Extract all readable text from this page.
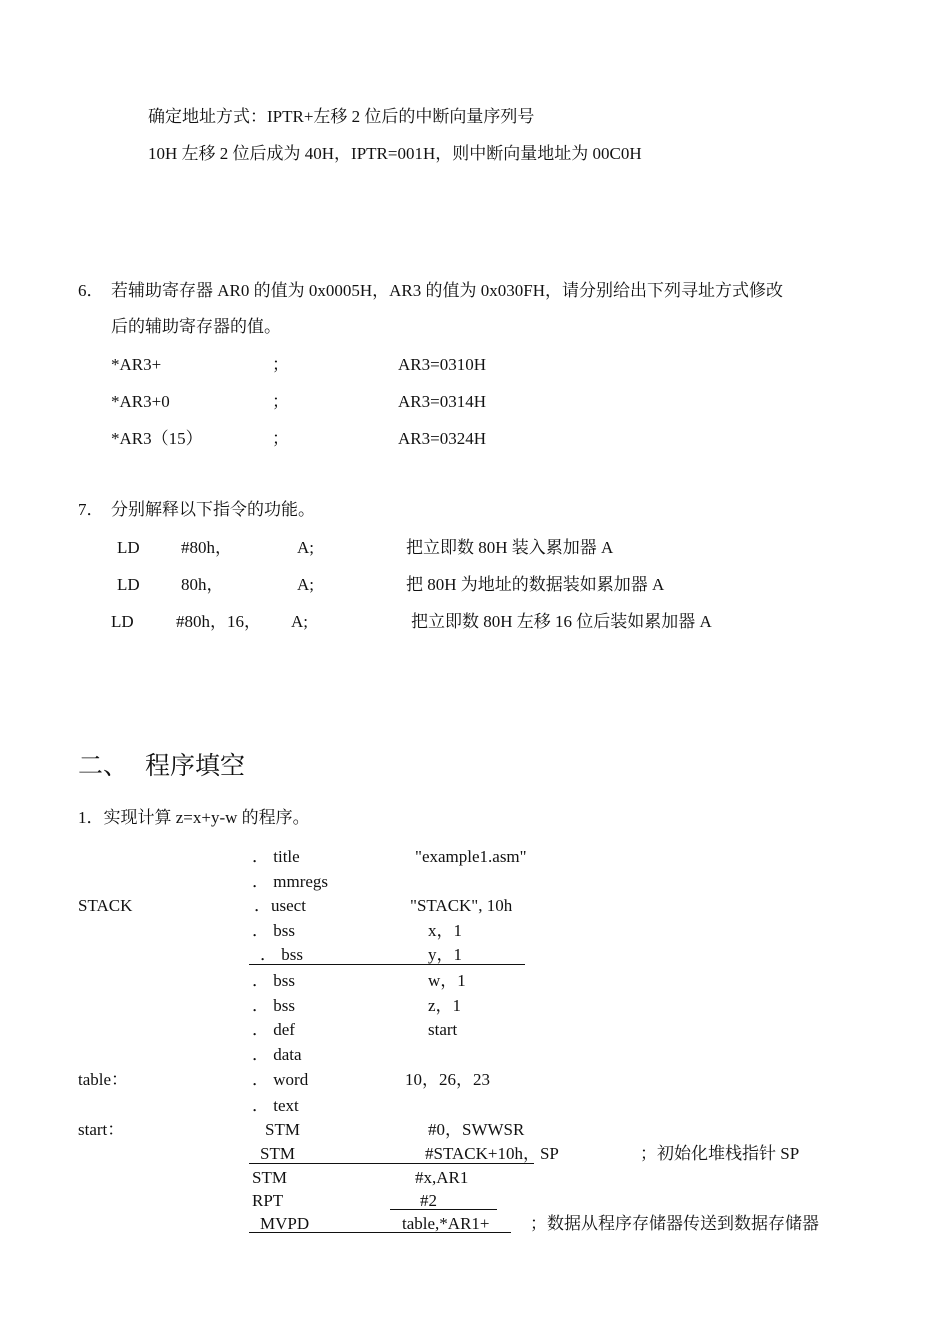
确定地址方式：IPTR+左移 2 位后的中断向量序列号
10H 左移 2 位后成为 40H，IPTR=001H，则中断向量地址为 00C0H
6． 若辅助寄存器 AR0 的值为 0x0005H，AR3 的值为 0x030FH，请分别给出下列寻址方式修改
后的辅助寄存器的值。
*AR3+	；	AR3=0310H
*AR3+0	；	AR3=0314H
*AR3（15）	；	AR3=0324H
7． 分别解释以下指令的功能。
LD #80h，	A;	把立即数 80H 装入累加器 A
LD 80h，	A;	把 80H 为地址的数据装如累加器 A
LD #80h，16， A;	把立即数 80H 左移 16 位后装如累加器 A
二、 程序填空
1．实现计算 z=x+y-w 的程序。
． title	"example1.asm"
． mmregs
STACK	．usect	"STACK", 10h
． bss	x，1
． bss	y，1
． bss	w，1
． bss	z，1
． def	start
． data
table：	． word	10，26，23
． text
start：	STM	#0，SWWSR
STM	#STACK+10h，SP	；初始化堆栈指针 SP
STM	#x,AR1
RPT	#2
MVPD	table,*AR1+ ；数据从程序存储器传送到数据存储器
